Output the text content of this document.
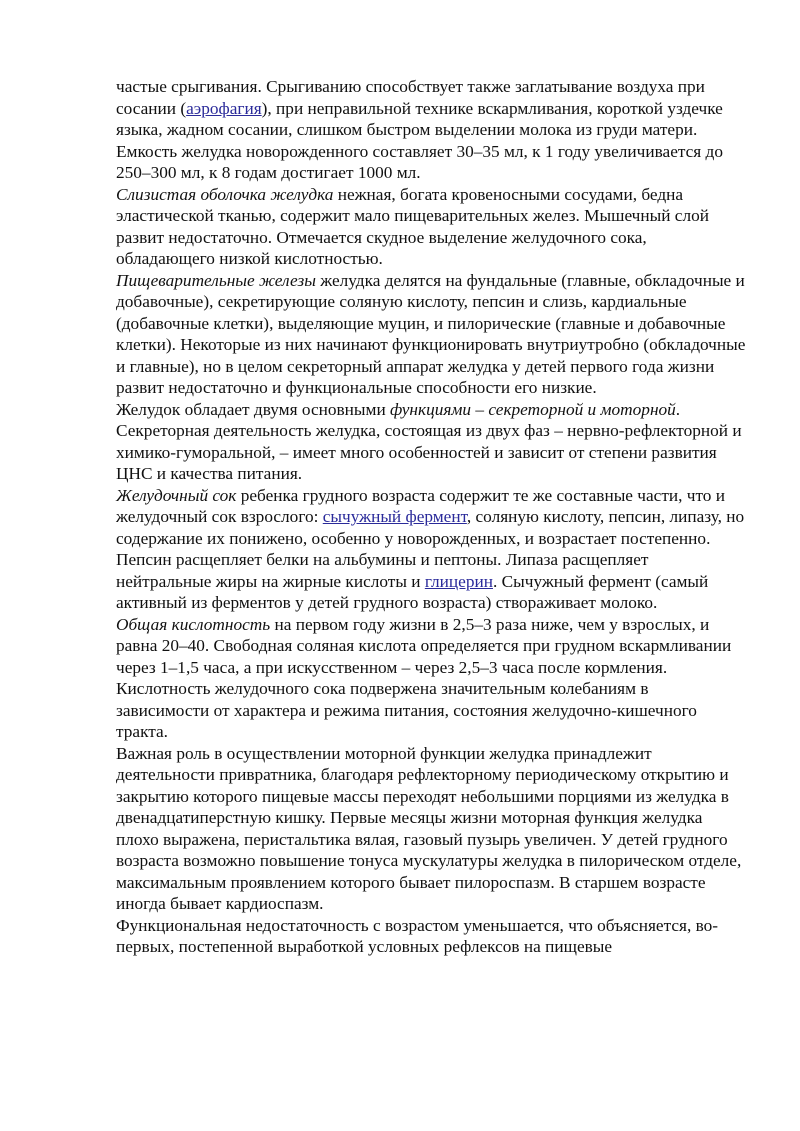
частые срыгивания. Срыгиванию способствует также заглатывание воздуха при сосании (аэрофагия), при неправильной технике вскармливания, короткой уздечке языка, жадном сосании, слишком быстром выделении молока из груди матери.

Емкость желудка новорожденного составляет 30–35 мл, к 1 году увеличивается до 250–300 мл, к 8 годам достигает 1000 мл.

Слизистая оболочка желудка нежная, богата кровеносными сосудами, бедна эластической тканью, содержит мало пищеварительных желез. Мышечный слой развит недостаточно. Отмечается скудное выделение желудочного сока, обладающего низкой кислотностью.

Пищеварительные железы желудка делятся на фундальные (главные, обкладочные и добавочные), секретирующие соляную кислоту, пепсин и слизь, кардиальные (добавочные клетки), выделяющие муцин, и пилорические (главные и добавочные клетки). Некоторые из них начинают функционировать внутриутробно (обкладочные и главные), но в целом секреторный аппарат желудка у детей первого года жизни развит недостаточно и функциональные способности его низкие.

Желудок обладает двумя основными функциями – секреторной и моторной.

Секреторная деятельность желудка, состоящая из двух фаз – нервно-рефлекторной и химико-гуморальной, – имеет много особенностей и зависит от степени развития ЦНС и качества питания.

Желудочный сок ребенка грудного возраста содержит те же составные части, что и желудочный сок взрослого: сычужный фермент, соляную кислоту, пепсин, липазу, но содержание их понижено, особенно у новорожденных, и возрастает постепенно. Пепсин расщепляет белки на альбумины и пептоны. Липаза расщепляет нейтральные жиры на жирные кислоты и глицерин. Сычужный фермент (самый активный из ферментов у детей грудного возраста) створаживает молоко.

Общая кислотность на первом году жизни в 2,5–3 раза ниже, чем у взрослых, и равна 20–40. Свободная соляная кислота определяется при грудном вскармливании через 1–1,5 часа, а при искусственном – через 2,5–3 часа после кормления. Кислотность желудочного сока подвержена значительным колебаниям в зависимости от характера и режима питания, состояния желудочно-кишечного тракта.

Важная роль в осуществлении моторной функции желудка принадлежит деятельности привратника, благодаря рефлекторному периодическому открытию и закрытию которого пищевые массы переходят небольшими порциями из желудка в двенадцатиперстную кишку. Первые месяцы жизни моторная функция желудка плохо выражена, перистальтика вялая, газовый пузырь увеличен. У детей грудного возраста возможно повышение тонуса мускулатуры желудка в пилорическом отделе, максимальным проявлением которого бывает пилороспазм. В старшем возрасте иногда бывает кардиоспазм.

Функциональная недостаточность с возрастом уменьшается, что объясняется, во-первых, постепенной выработкой условных рефлексов на пищевые
